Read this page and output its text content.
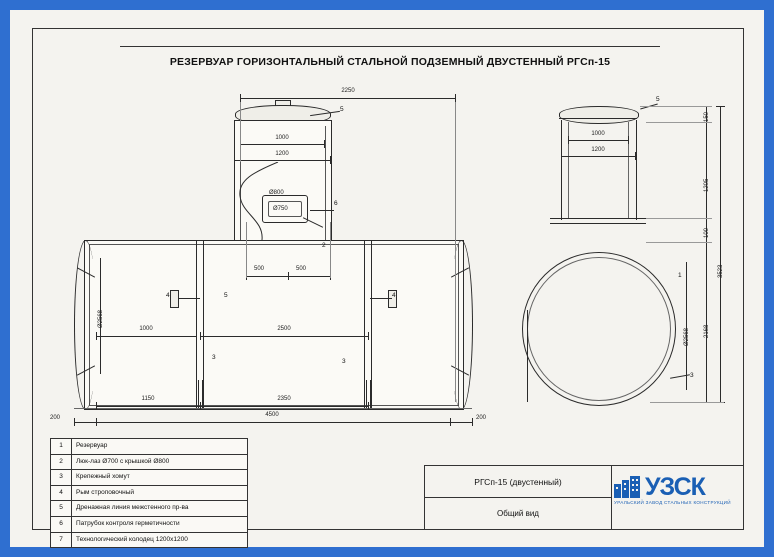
РЕЗЕРВУАР ГОРИЗОНТАЛЬНЫЙ СТАЛЬНОЙ ПОДЗЕМНЫЙ ДВУСТЕННЫЙ РГСп-15
2250
1000
1200
Ø800
Ø750
5
6
2
4	5	4
3
3
500	500
2500
1000
Ø2568
1150	2350
4500
200	200
1000
1200
150
1205
100
3523
2168
Ø2568
5
1
3
1	Резервуар
2	Люк-лаз Ø700 с крышкой Ø800
3	Крепежный хомут
4	Рым строповочный
5	Дренажная линия межстенного пр-ва
6	Патрубок контроля герметичности
7	Технологический колодец 1200х1200
РГСп-15 (двустенный)
Общий вид
УЗСК
УРАЛЬСКИЙ ЗАВОД СТАЛЬНЫХ КОНСТРУКЦИЙ
